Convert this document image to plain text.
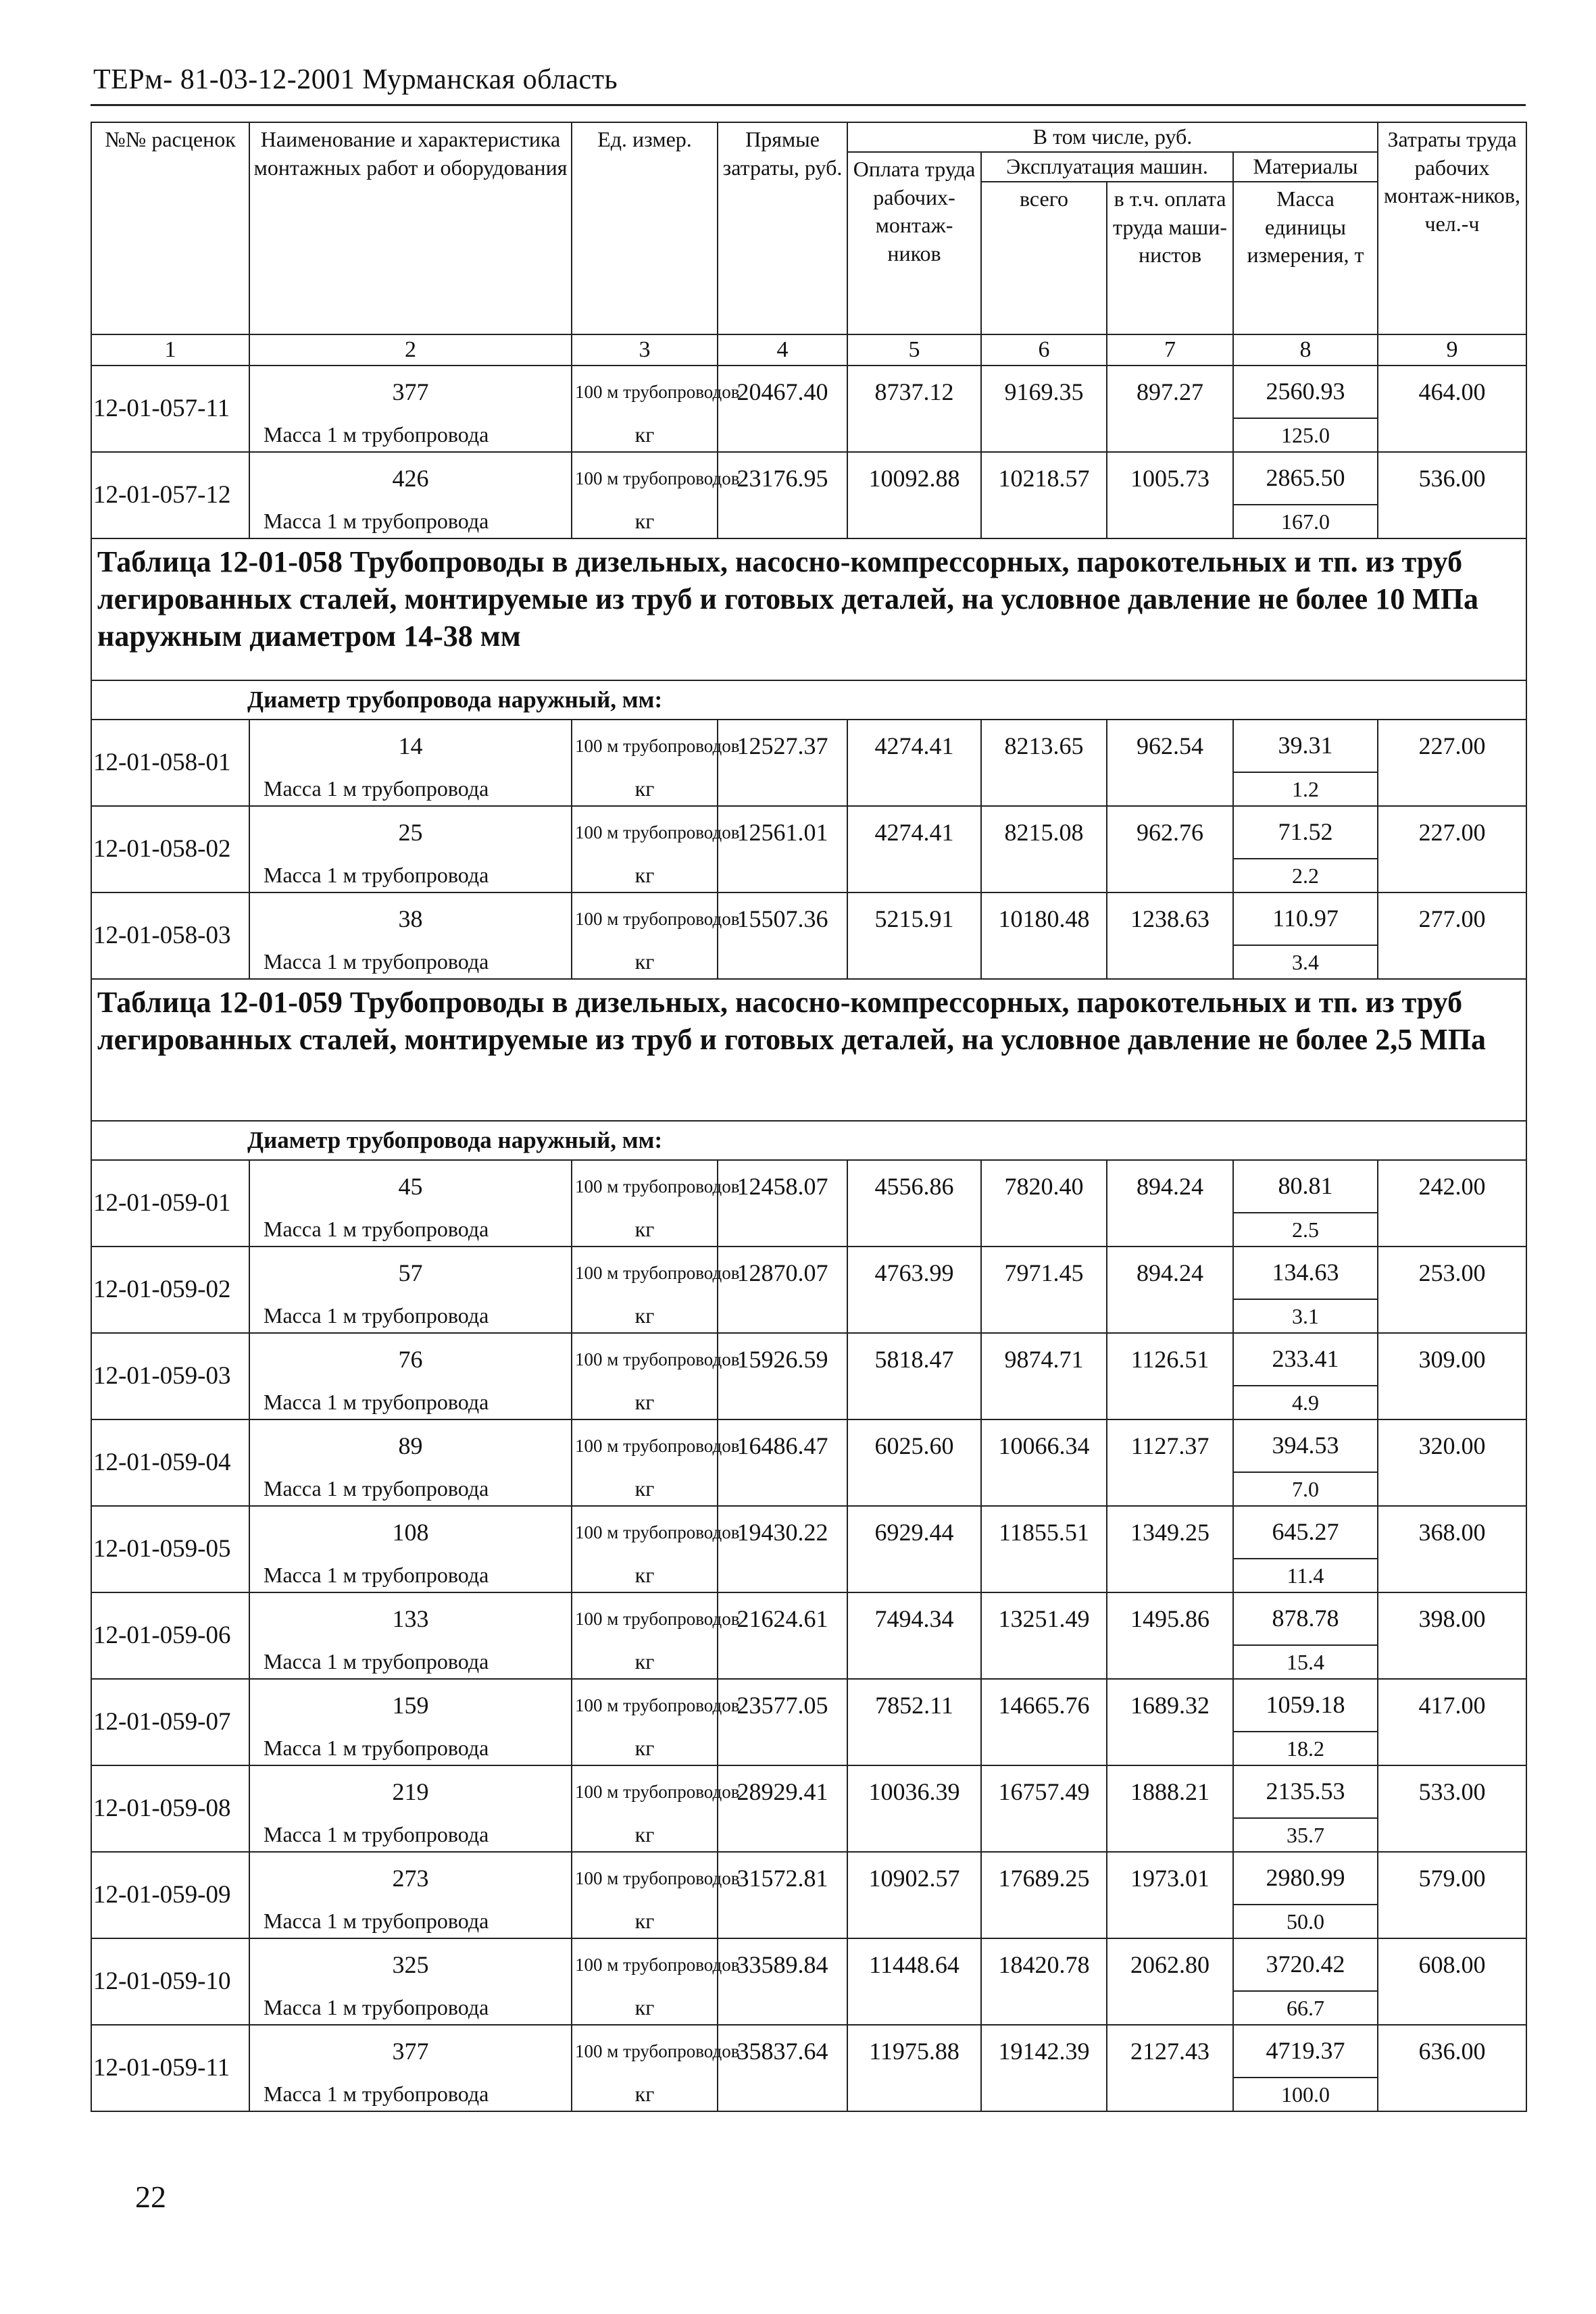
ТЕРм- 81-03-12-2001 Мурманская область
№№ расценок	Наименование и характеристика монтажных работ и оборудования	Ед. измер.	Прямые затраты, руб.	В том числе, руб.				Затраты труда рабочих монтаж-ников, чел.-ч
				Оплата труда рабочих-монтаж-ников	Эксплуатация машин.		Материалы	
					всего	в т.ч. оплата труда маши-нистов	Масса единицы измерения, т	
1	2	3	4	5	6	7	8	9
12-01-057-11	377	100 м трубопроводов	20467.40	8737.12	9169.35	897.27	2560.93	464.00
	Масса 1 м трубопровода	кг					125.0	
12-01-057-12	426	100 м трубопроводов	23176.95	10092.88	10218.57	1005.73	2865.50	536.00
	Масса 1 м трубопровода	кг					167.0	
Таблица 12-01-058 Трубопроводы в дизельных, насосно-компрессорных, парокотельных и тп. из труб легированных сталей, монтируемые из труб и готовых деталей, на условное давление не более 10 МПа наружным диаметром 14-38 мм								
Диаметр трубопровода наружный, мм:								
12-01-058-01	14	100 м трубопроводов	12527.37	4274.41	8213.65	962.54	39.31	227.00
	Масса 1 м трубопровода	кг					1.2	
12-01-058-02	25	100 м трубопроводов	12561.01	4274.41	8215.08	962.76	71.52	227.00
	Масса 1 м трубопровода	кг					2.2	
12-01-058-03	38	100 м трубопроводов	15507.36	5215.91	10180.48	1238.63	110.97	277.00
	Масса 1 м трубопровода	кг					3.4	
Таблица 12-01-059 Трубопроводы в дизельных, насосно-компрессорных, парокотельных и тп. из труб легированных сталей, монтируемые из труб и готовых деталей, на условное давление не более 2,5 МПа								
Диаметр трубопровода наружный, мм:								
12-01-059-01	45	100 м трубопроводов	12458.07	4556.86	7820.40	894.24	80.81	242.00
	Масса 1 м трубопровода	кг					2.5	
12-01-059-02	57	100 м трубопроводов	12870.07	4763.99	7971.45	894.24	134.63	253.00
	Масса 1 м трубопровода	кг					3.1	
12-01-059-03	76	100 м трубопроводов	15926.59	5818.47	9874.71	1126.51	233.41	309.00
	Масса 1 м трубопровода	кг					4.9	
12-01-059-04	89	100 м трубопроводов	16486.47	6025.60	10066.34	1127.37	394.53	320.00
	Масса 1 м трубопровода	кг					7.0	
12-01-059-05	108	100 м трубопроводов	19430.22	6929.44	11855.51	1349.25	645.27	368.00
	Масса 1 м трубопровода	кг					11.4	
12-01-059-06	133	100 м трубопроводов	21624.61	7494.34	13251.49	1495.86	878.78	398.00
	Масса 1 м трубопровода	кг					15.4	
12-01-059-07	159	100 м трубопроводов	23577.05	7852.11	14665.76	1689.32	1059.18	417.00
	Масса 1 м трубопровода	кг					18.2	
12-01-059-08	219	100 м трубопроводов	28929.41	10036.39	16757.49	1888.21	2135.53	533.00
	Масса 1 м трубопровода	кг					35.7	
12-01-059-09	273	100 м трубопроводов	31572.81	10902.57	17689.25	1973.01	2980.99	579.00
	Масса 1 м трубопровода	кг					50.0	
12-01-059-10	325	100 м трубопроводов	33589.84	11448.64	18420.78	2062.80	3720.42	608.00
	Масса 1 м трубопровода	кг					66.7	
12-01-059-11	377	100 м трубопроводов	35837.64	11975.88	19142.39	2127.43	4719.37	636.00
	Масса 1 м трубопровода	кг					100.0	
22
